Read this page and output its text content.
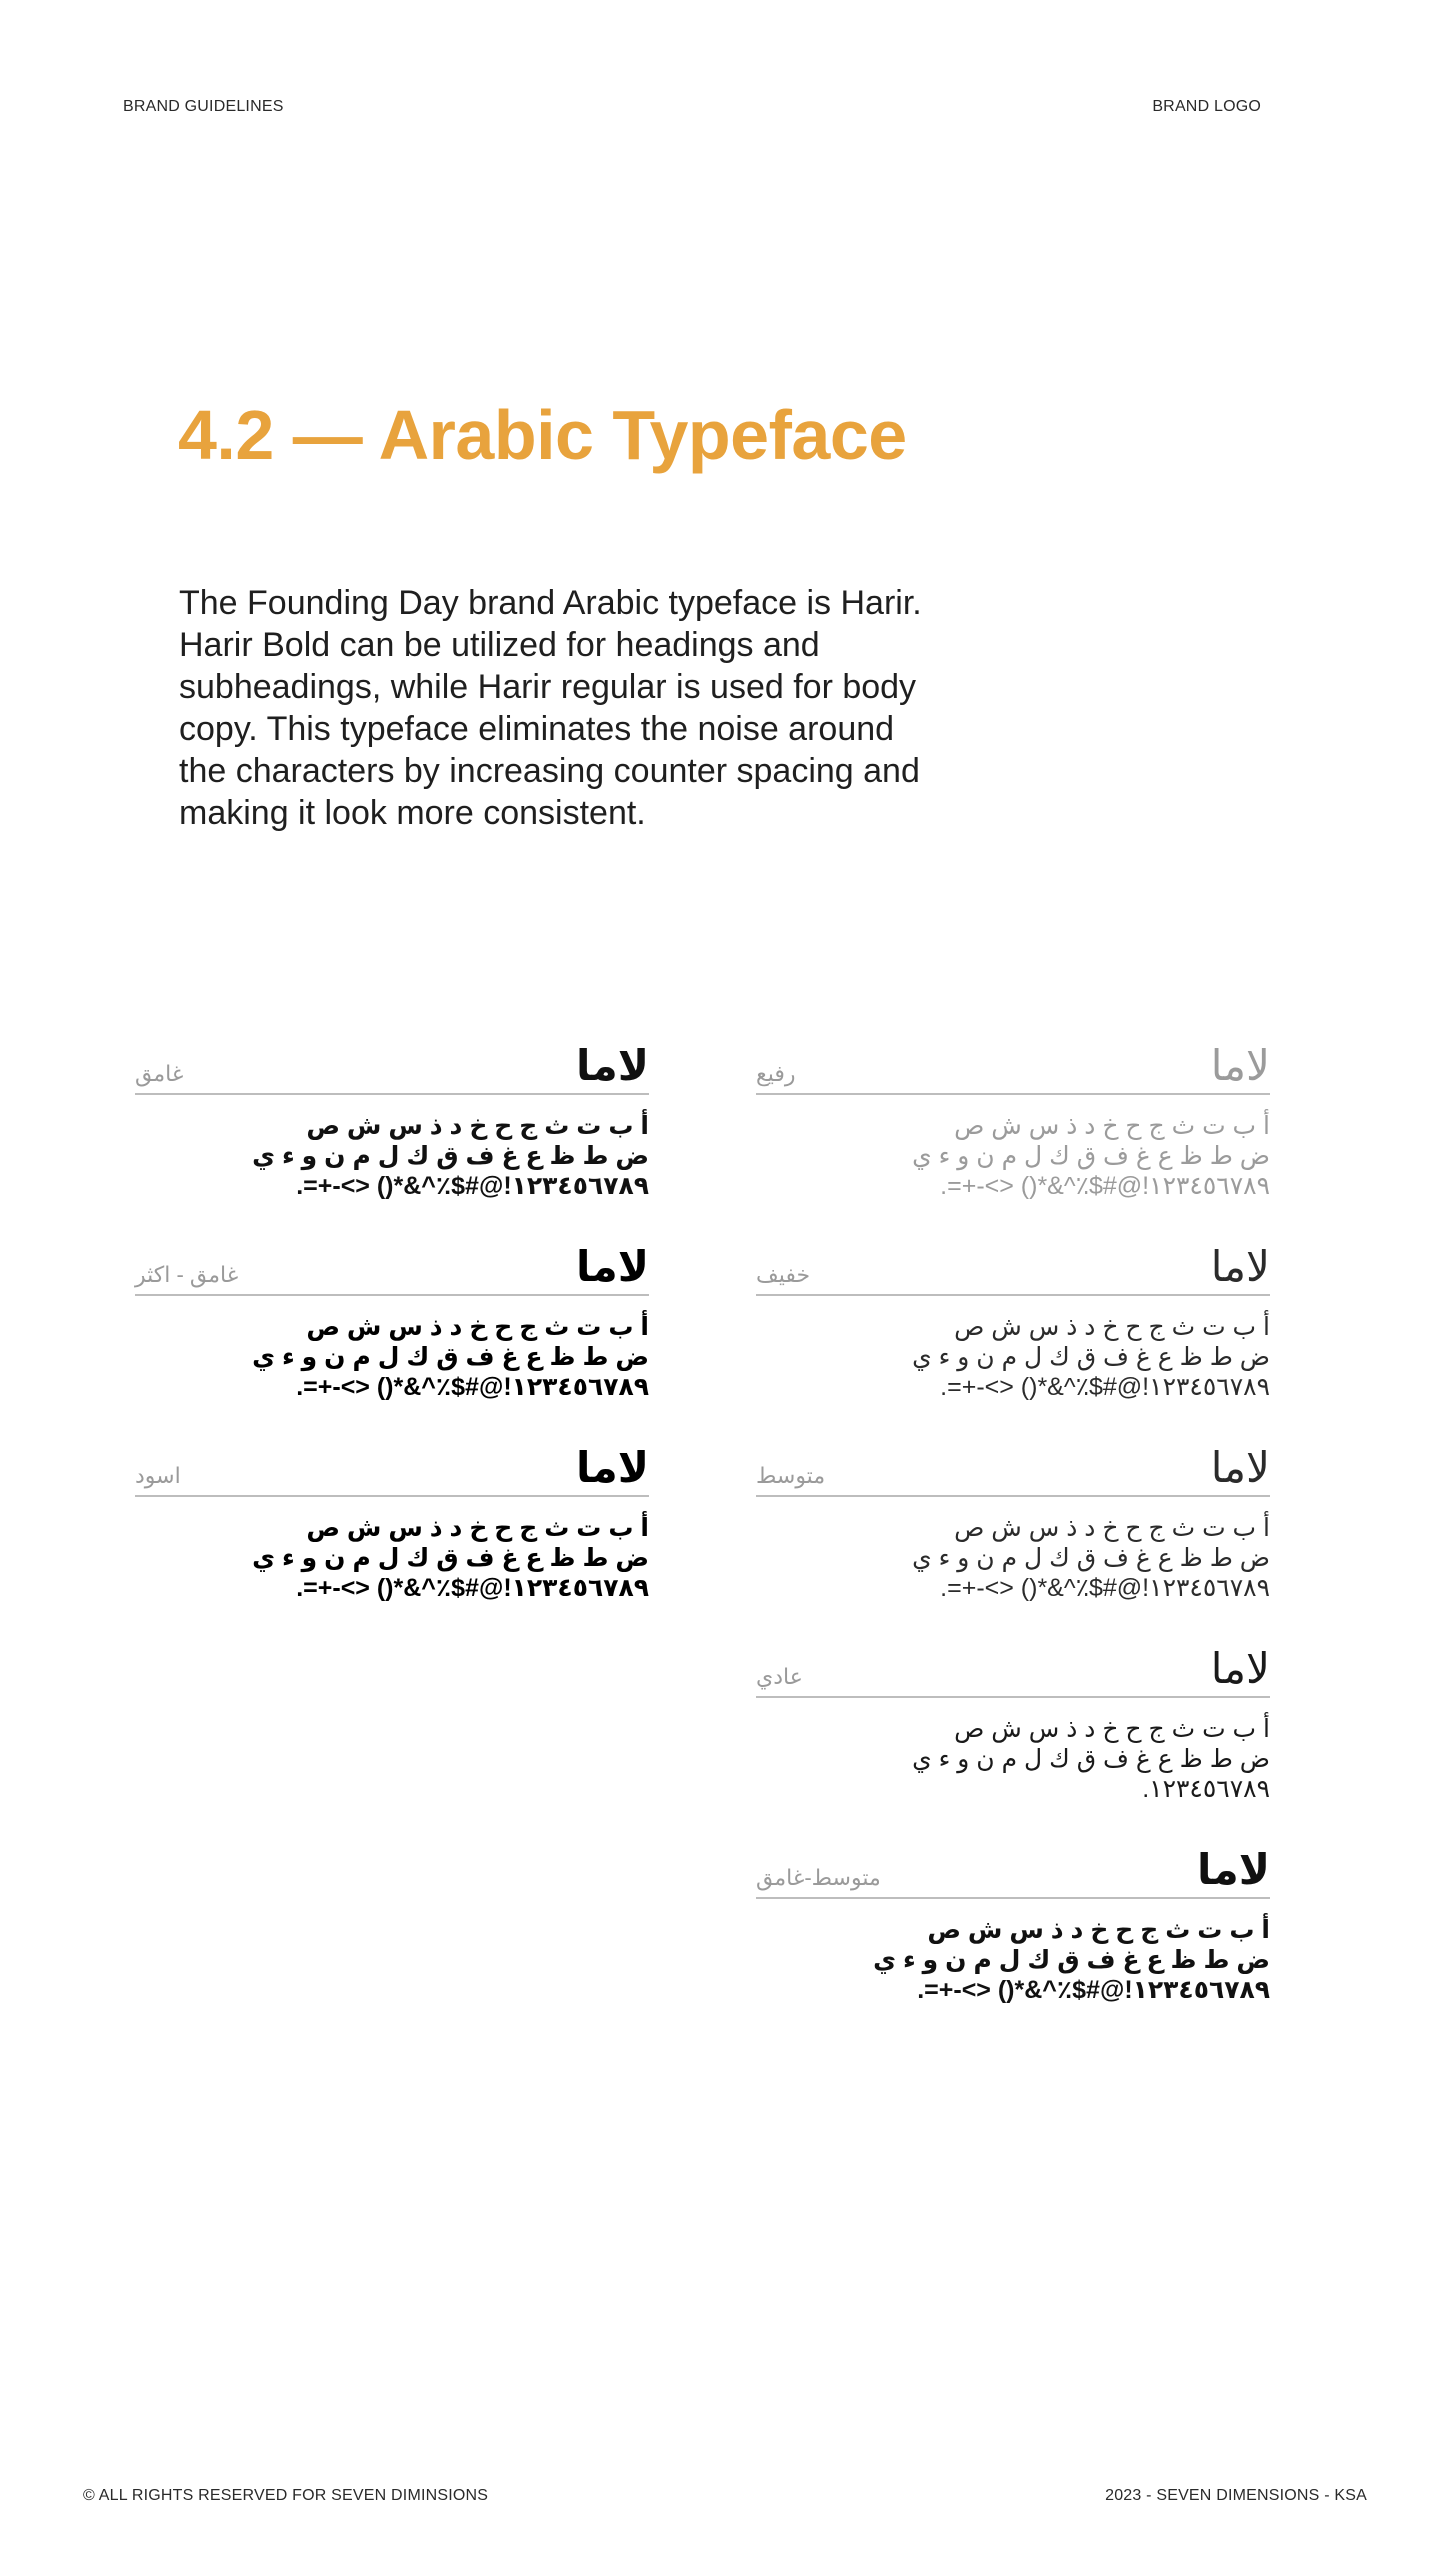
BRAND GUIDELINES	BRAND LOGO
4.2 — Arabic Typeface

The Founding Day brand Arabic typeface is Harir. Harir Bold can be utilized for headings and subheadings, while Harir regular is used for body copy. This typeface eliminates the noise around the characters by increasing counter spacing and making it look more consistent.

لاما
غامق
أ ب ت ث ج ح خ د ذ س ش ص
ض ط ظ ع غ ف ق ك ل م ن و ء ي
١٢٣٤٥٦٧٨٩!@#$٪^&*() <>-+=.
لاما
غامق - اكثر
أ ب ت ث ج ح خ د ذ س ش ص
ض ط ظ ع غ ف ق ك ل م ن و ء ي
١٢٣٤٥٦٧٨٩!@#$٪^&*() <>-+=.
لاما
اسود
أ ب ت ث ج ح خ د ذ س ش ص
ض ط ظ ع غ ف ق ك ل م ن و ء ي
١٢٣٤٥٦٧٨٩!@#$٪^&*() <>-+=.
لاما
رفيع
أ ب ت ث ج ح خ د ذ س ش ص
ض ط ظ ع غ ف ق ك ل م ن و ء ي
١٢٣٤٥٦٧٨٩!@#$٪^&*() <>-+=.
لاما
خفيف
أ ب ت ث ج ح خ د ذ س ش ص
ض ط ظ ع غ ف ق ك ل م ن و ء ي
١٢٣٤٥٦٧٨٩!@#$٪^&*() <>-+=.
لاما
متوسط
أ ب ت ث ج ح خ د ذ س ش ص
ض ط ظ ع غ ف ق ك ل م ن و ء ي
١٢٣٤٥٦٧٨٩!@#$٪^&*() <>-+=.
لاما
عادي
أ ب ت ث ج ح خ د ذ س ش ص
ض ط ظ ع غ ف ق ك ل م ن و ء ي
١٢٣٤٥٦٧٨٩.
لاما
متوسط-غامق
أ ب ت ث ج ح خ د ذ س ش ص
ض ط ظ ع غ ف ق ك ل م ن و ء ي
١٢٣٤٥٦٧٨٩!@#$٪^&*() <>-+=.
© ALL RIGHTS RESERVED FOR SEVEN DIMINSIONS	2023 - SEVEN DIMENSIONS - KSA
